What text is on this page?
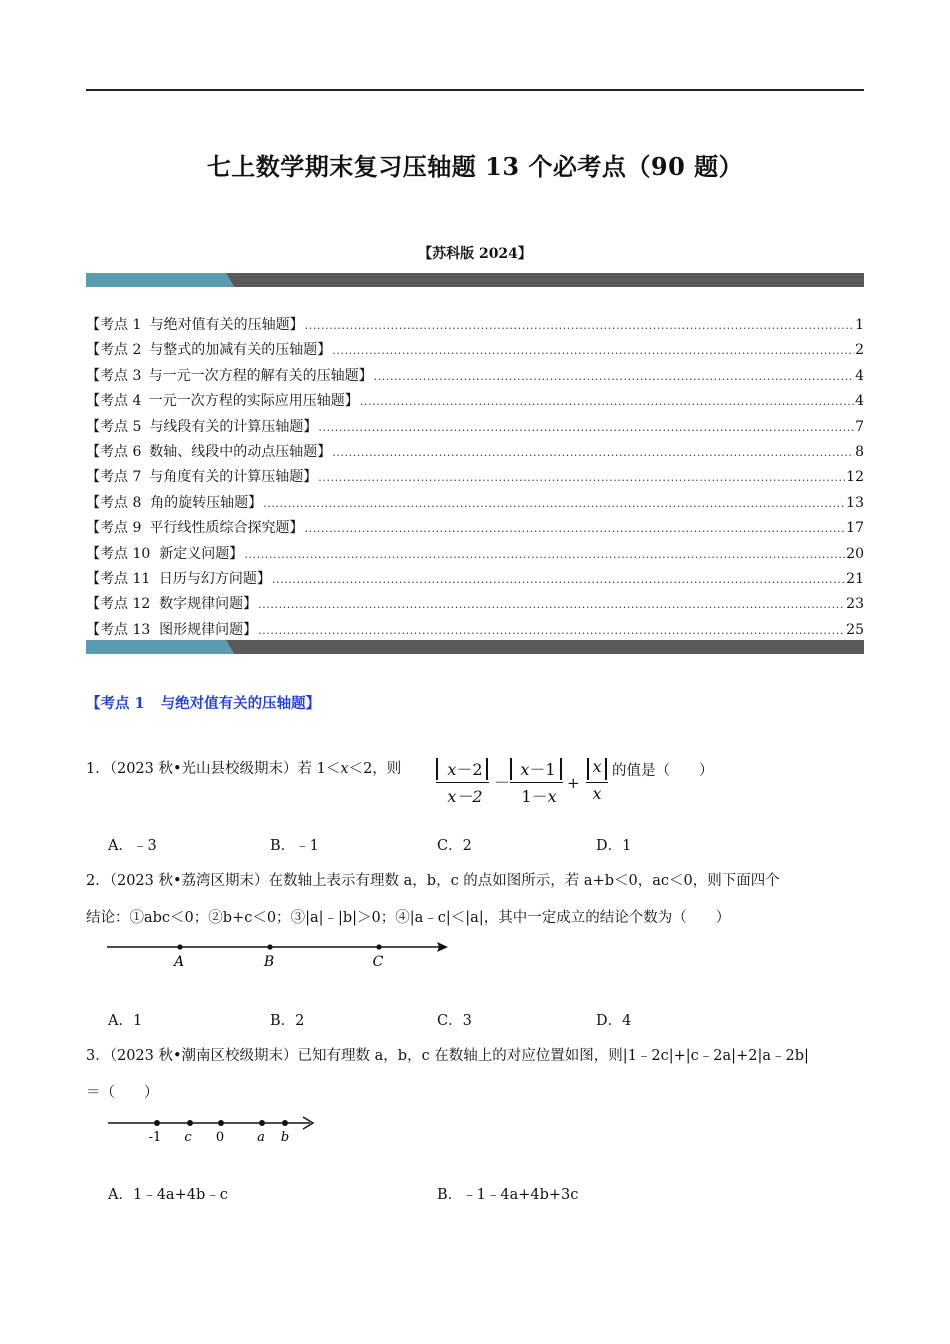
七上数学期末复习压轴题 13 个必考点（90 题）
【苏科版 2024】
【考点 1 与绝对值有关的压轴题】 .....	1
【考点 2 与整式的加减有关的压轴题】 .....	2
【考点 3 与一元一次方程的解有关的压轴题】 .....	4
【考点 4 一元一次方程的实际应用压轴题】 .....	4
【考点 5 与线段有关的计算压轴题】 .....	7
【考点 6 数轴、线段中的动点压轴题】 .....	8
【考点 7 与角度有关的计算压轴题】 .....	12
【考点 8 角的旋转压轴题】 .....	13
【考点 9 平行线性质综合探究题】 .....	17
【考点 10 新定义问题】 .....	20
【考点 11 日历与幻方问题】 .....	21
【考点 12 数字规律问题】 .....	23
【考点 13 图形规律问题】 .....	25
【考点 1 与绝对值有关的压轴题】
1．（2023 秋•光山县校级期末）若 1＜x＜2，则	x－2
x－2
－
x－1
1－x
+
x
x
的值是（　　）
A．﹣3	B．﹣1	C．2	D．1
2．（2023 秋•荔湾区期末）在数轴上表示有理数 a，b，c 的点如图所示，若 a+b＜0，ac＜0，则下面四个
结论：①abc＜0；②b+c＜0；③|a|﹣|b|＞0；④|a﹣c|＜|a|，其中一定成立的结论个数为（　　）
A	B	C
A．1	B．2	C．3	D．4
3．（2023 秋•潮南区校级期末）已知有理数 a，b，c 在数轴上的对应位置如图，则|1﹣2c|+|c﹣2a|+2|a﹣2b|
＝（　　）
-1 c 0	a b
A．1﹣4a+4b﹣c	B．﹣1﹣4a+4b+3c
